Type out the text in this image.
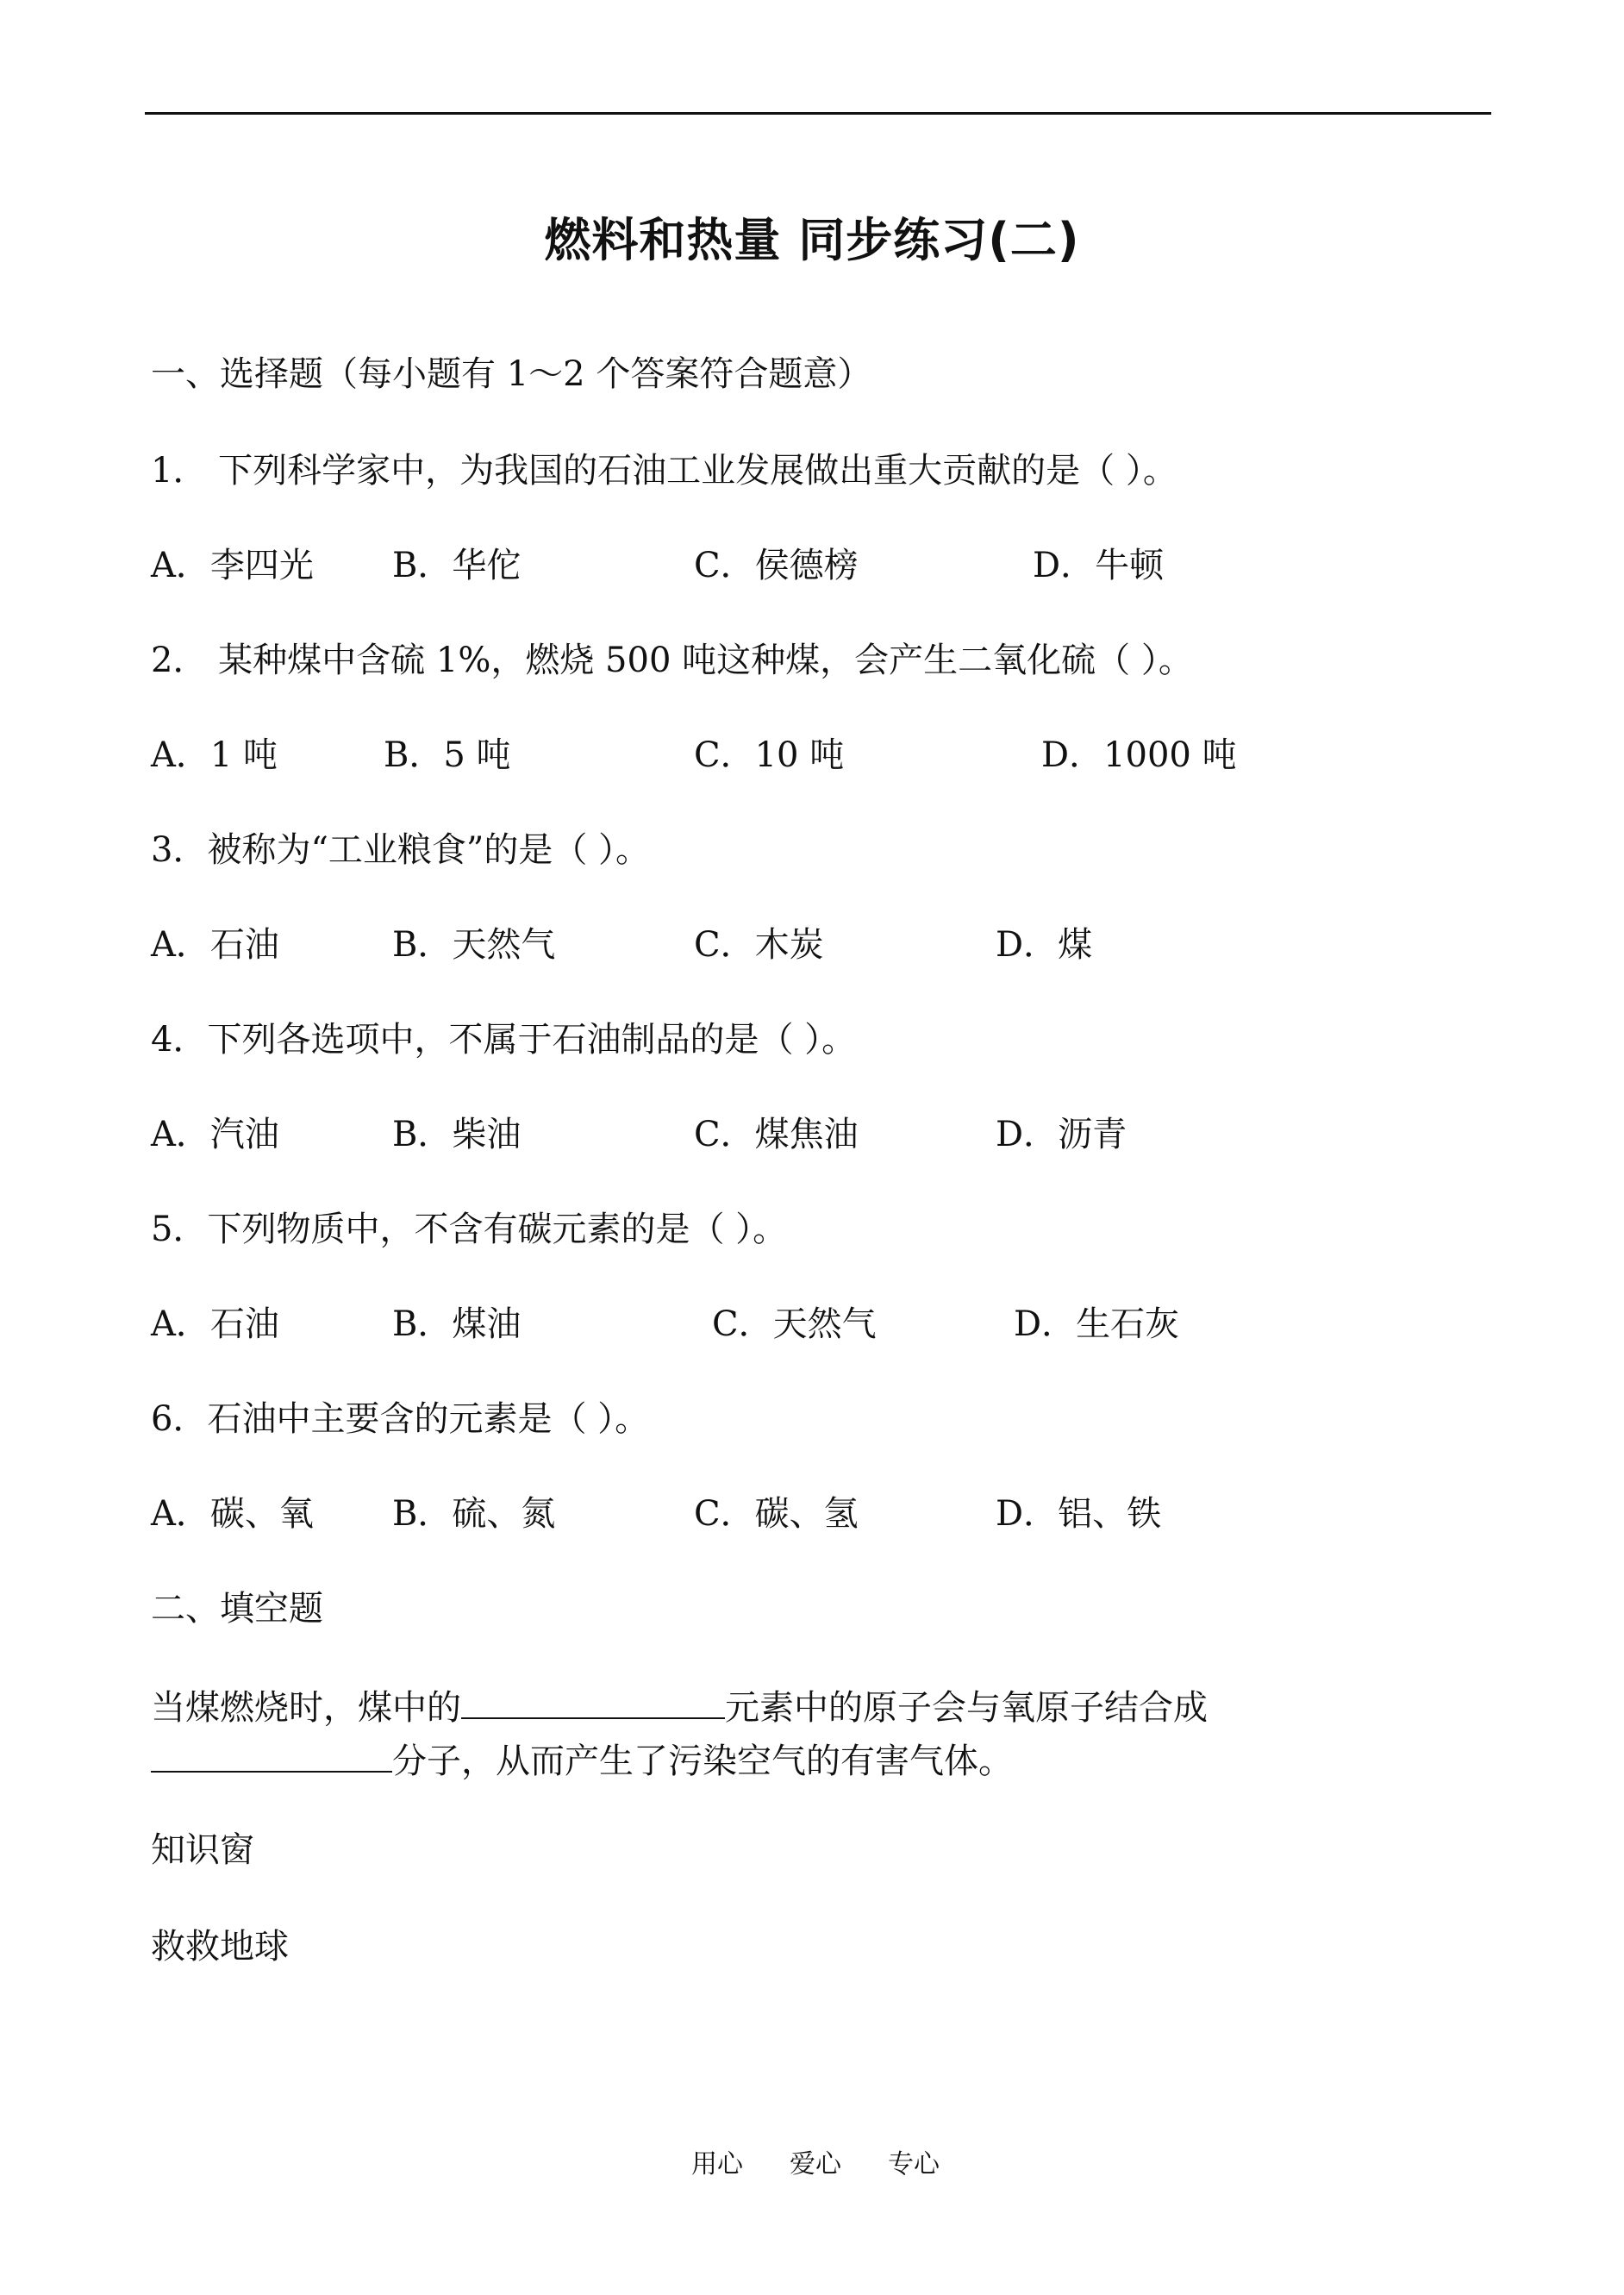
燃料和热量 同步练习(二)
一、选择题（每小题有 1～2 个答案符合题意）
1． 下列科学家中，为我国的石油工业发展做出重大贡献的是（ ）。
A．李四光 B．华佗	C．侯德榜	D．牛顿
2． 某种煤中含硫 1%，燃烧 500 吨这种煤，会产生二氧化硫（ ）。
A．1 吨	B．5 吨	C．10 吨	D．1000 吨
3．被称为“工业粮食”的是（ ）。
A．石油	B．天然气	C．木炭	D．煤
4．下列各选项中，不属于石油制品的是（ ）。
A．汽油	B．柴油	C．煤焦油	D．沥青
5．下列物质中，不含有碳元素的是（ ）。
A．石油	B．煤油	C．天然气	D．生石灰
6．石油中主要含的元素是（ ）。
A．碳、氧 B．硫、氮	C．碳、氢	D．铝、铁
二、填空题
当煤燃烧时，煤中的	元素中的原子会与氧原子结合成
分子，从而产生了污染空气的有害气体。
知识窗
救救地球
用心 爱心 专心
